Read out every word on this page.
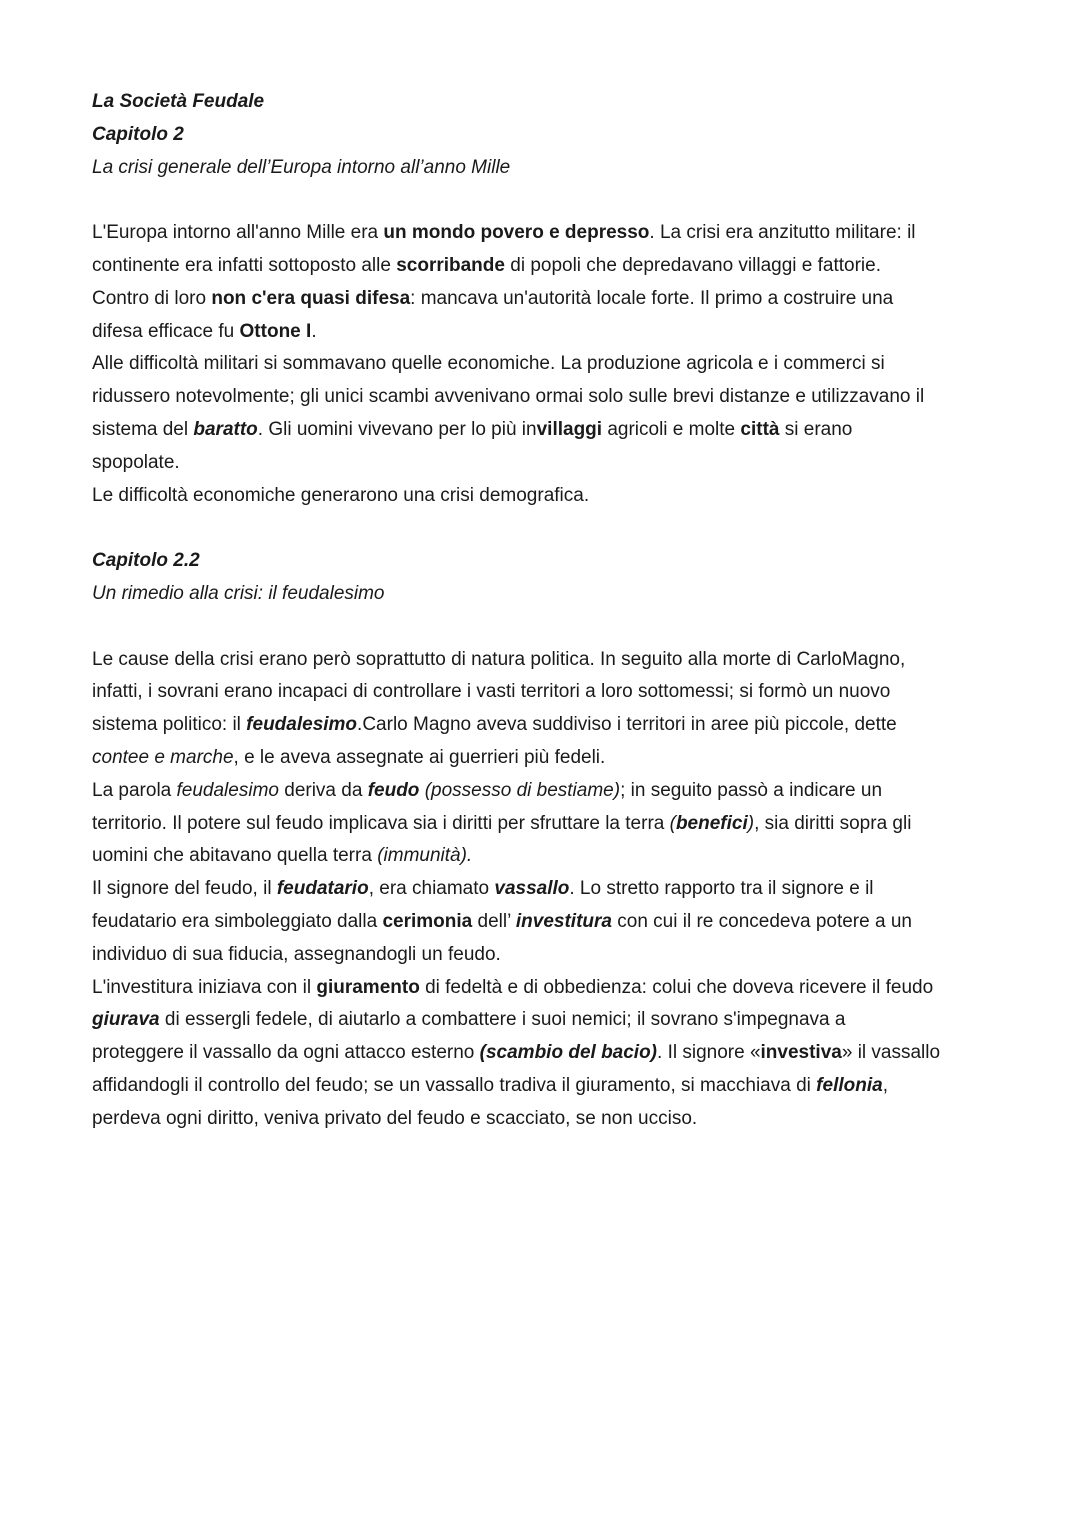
La Società Feudale
Capitolo 2
La crisi generale dell’Europa intorno all’anno Mille
L'Europa intorno all'anno Mille era un mondo povero e depresso. La crisi era anzitutto militare: il
continente era infatti sottoposto alle scorribande di popoli che depredavano villaggi e fattorie.
Contro di loro non c'era quasi difesa: mancava un'autorità locale forte. Il primo a costruire una
difesa efficace fu Ottone I.
Alle difficoltà militari si sommavano quelle economiche. La produzione agricola e i commerci si
ridussero notevolmente; gli unici scambi avvenivano ormai solo sulle brevi distanze e utilizzavano il
sistema del baratto. Gli uomini vivevano per lo più invillaggi agricoli e molte città si erano
spopolate.
Le difficoltà economiche generarono una crisi demografica.
Capitolo 2.2
Un rimedio alla crisi: il feudalesimo
Le cause della crisi erano però soprattutto di natura politica. In seguito alla morte di CarloMagno,
infatti, i sovrani erano incapaci di controllare i vasti territori a loro sottomessi; si formò un nuovo
sistema politico: il feudalesimo.Carlo Magno aveva suddiviso i territori in aree più piccole, dette
contee e marche, e le aveva assegnate ai guerrieri più fedeli.
La parola feudalesimo deriva da feudo (possesso di bestiame); in seguito passò a indicare un
territorio. Il potere sul feudo implicava sia i diritti per sfruttare la terra (benefici), sia diritti sopra gli
uomini che abitavano quella terra (immunità).
Il signore del feudo, il feudatario, era chiamato vassallo. Lo stretto rapporto tra il signore e il
feudatario era simboleggiato dalla cerimonia dell’ investitura con cui il re concedeva potere a un
individuo di sua fiducia, assegnandogli un feudo.
L'investitura iniziava con il giuramento di fedeltà e di obbedienza: colui che doveva ricevere il feudo
giurava di essergli fedele, di aiutarlo a combattere i suoi nemici; il sovrano s'impegnava a
proteggere il vassallo da ogni attacco esterno (scambio del bacio). Il signore «investiva» il vassallo
affidandogli il controllo del feudo; se un vassallo tradiva il giuramento, si macchiava di fellonia,
perdeva ogni diritto, veniva privato del feudo e scacciato, se non ucciso.
